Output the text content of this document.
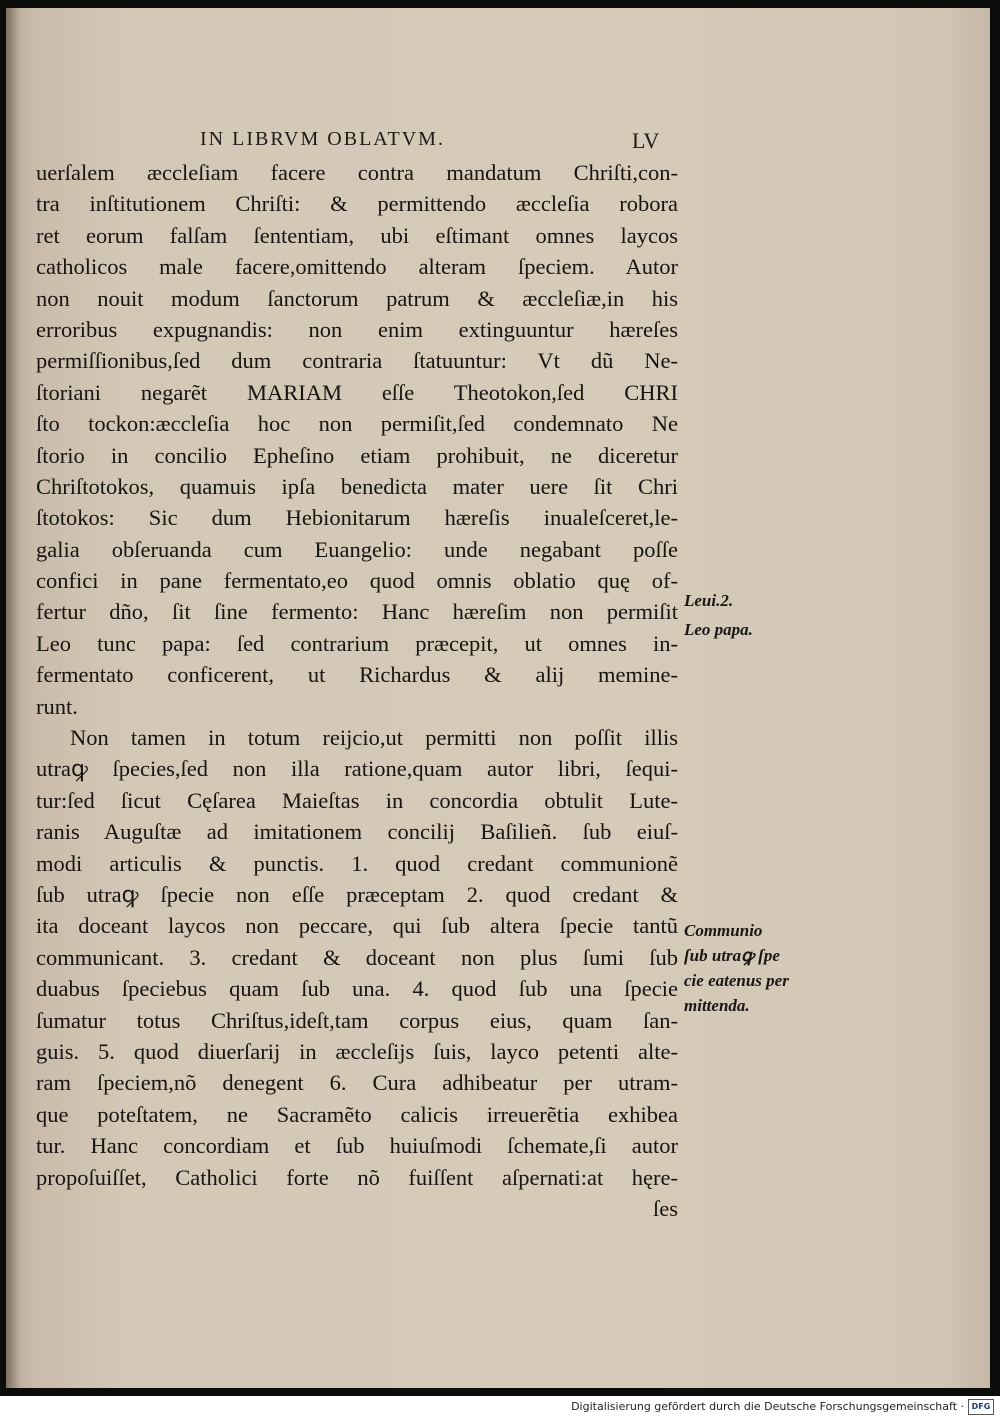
IN LIBRVM OBLATVM.	LV
uerſalem æccleſiam facere contra mandatum Chriſti,con‑
tra inſtitutionem Chriſti: & permittendo æccleſia robora
ret eorum falſam ſententiam, ubi eſtimant omnes laycos
catholicos male facere,omittendo alteram ſpeciem. Autor
non nouit modum ſanctorum patrum & æccleſiæ,in his
erroribus expugnandis: non enim extinguuntur hæreſes
permiſſionibus,ſed dum contraria ſtatuuntur: Vt dũ Ne‑
ſtoriani negarẽt MARIAM eſſe Theotokon,ſed CHRI
ſto tockon:æccleſia hoc non permiſit,ſed condemnato Ne
ſtorio in concilio Epheſino etiam prohibuit, ne diceretur
Chriſtotokos, quamuis ipſa benedicta mater uere ſit Chri
ſtotokos: Sic dum Hebionitarum hæreſis inualeſceret,le‑
galia obſeruanda cum Euangelio: unde negabant poſſe
confici in pane fermentato,eo quod omnis oblatio quę of‑
fertur dño, ſit ſine fermento: Hanc hæreſim non permiſit
Leo tunc papa: ſed contrarium præcepit, ut omnes in‑
fermentato conficerent, ut Richardus & alij memine‑
runt.
Non tamen in totum reijcio,ut permitti non poſſit illis
utraꝙ ſpecies,ſed non illa ratione,quam autor libri, ſequi‑
tur:ſed ſicut Cęſarea Maieſtas in concordia obtulit Lute‑
ranis Auguſtæ ad imitationem concilij Baſilieñ. ſub eiuſ‑
modi articulis & punctis. 1. quod credant communionẽ
ſub utraꝙ ſpecie non eſſe præceptam 2. quod credant &
ita doceant laycos non peccare, qui ſub altera ſpecie tantũ
communicant. 3. credant & doceant non plus ſumi ſub
duabus ſpeciebus quam ſub una. 4. quod ſub una ſpecie
ſumatur totus Chriſtus,ideſt,tam corpus eius, quam ſan‑
guis. 5. quod diuerſarij in æccleſijs ſuis, layco petenti alte‑
ram ſpeciem,nõ denegent 6. Cura adhibeatur per utram‑
que poteſtatem, ne Sacramẽto calicis irreuerẽtia exhibea
tur. Hanc concordiam et ſub huiuſmodi ſchemate,ſi autor
propoſuiſſet, Catholici forte nõ fuiſſent aſpernati:at hęre‑
ſes
Leui.2.
Leo papa.
Communio
ſub utraꝙ ſpe
cie eatenus per
mittenda.
Digitalisierung gefördert durch die Deutsche Forschungsgemeinschaft · DFG
